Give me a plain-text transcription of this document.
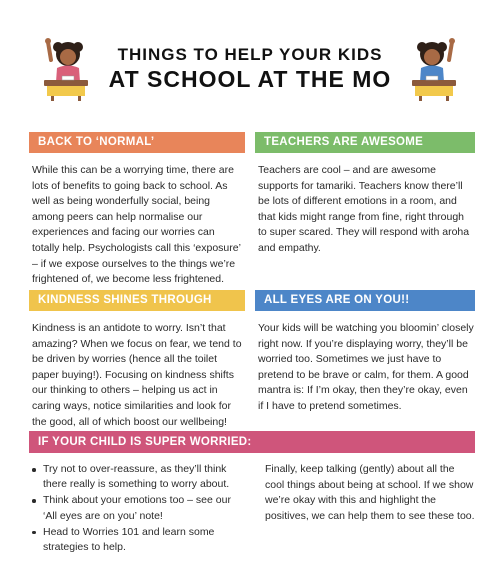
THINGS TO HELP YOUR KIDS
AT SCHOOL AT THE MO
BACK TO ‘NORMAL’
While this can be a worrying time, there are lots of benefits to going back to school. As well as being wonderfully social, being among peers can help normalise our experiences and facing our worries can totally help. Psychologists call this ‘exposure’ – if we expose ourselves to the things we’re frightened of, we become less frightened.
TEACHERS ARE AWESOME
Teachers are cool – and are awesome supports for tamariki. Teachers know there’ll be lots of different emotions in a room, and that kids might range from fine, right through to super scared. They will respond with aroha and empathy.
KINDNESS SHINES THROUGH
Kindness is an antidote to worry. Isn’t that amazing? When we focus on fear, we tend to be driven by worries (hence all the toilet paper buying!). Focusing on kindness shifts our thinking to others – helping us act in caring ways, notice similarities and look for the good, all of which boost our wellbeing!
ALL EYES ARE ON YOU!!
Your kids will be watching you bloomin’ closely right now. If you’re displaying worry, they’ll be worried too. Sometimes we just have to pretend to be brave or calm, for them. A good mantra is: If I’m okay, then they’re okay, even if I have to pretend sometimes.
IF YOUR CHILD IS SUPER WORRIED:
Try not to over-reassure, as they’ll think there really is something to worry about.
Think about your emotions too – see our ‘All eyes are on you’ note!
Head to Worries 101 and learn some strategies to help.
Finally, keep talking (gently) about all the cool things about being at school. If we show we’re okay with this and highlight the positives, we can help them to see these too.
